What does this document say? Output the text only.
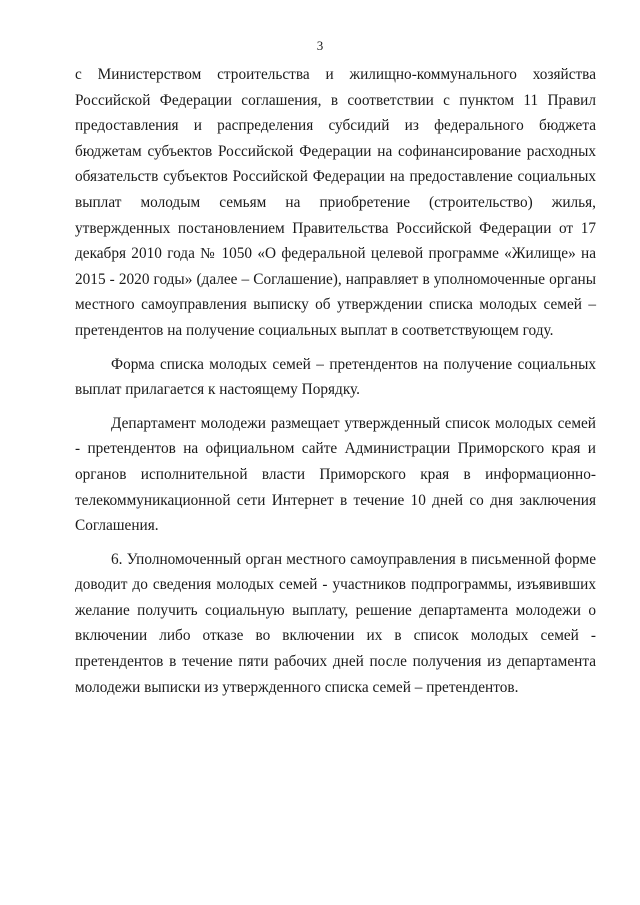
3

с Министерством строительства и жилищно-коммунального хозяйства Российской Федерации соглашения, в соответствии с пунктом 11 Правил предоставления и распределения субсидий из федерального бюджета бюджетам субъектов Российской Федерации на софинансирование расходных обязательств субъектов Российской Федерации на предоставление социальных выплат молодым семьям на приобретение (строительство) жилья, утвержденных постановлением Правительства Российской Федерации от 17 декабря 2010 года № 1050 «О федеральной целевой программе «Жилище» на 2015 - 2020 годы» (далее – Соглашение), направляет в уполномоченные органы местного самоуправления выписку об утверждении списка молодых семей – претендентов на получение социальных выплат в соответствующем году.

Форма списка молодых семей – претендентов на получение социальных выплат прилагается к настоящему Порядку.

Департамент молодежи размещает утвержденный список молодых семей - претендентов на официальном сайте Администрации Приморского края и органов исполнительной власти Приморского края в информационно-телекоммуникационной сети Интернет в течение 10 дней со дня заключения Соглашения.

6. Уполномоченный орган местного самоуправления в письменной форме доводит до сведения молодых семей - участников подпрограммы, изъявивших желание получить социальную выплату, решение департамента молодежи о включении либо отказе во включении их в список молодых семей - претендентов в течение пяти рабочих дней после получения из департамента молодежи выписки из утвержденного списка семей – претендентов.
